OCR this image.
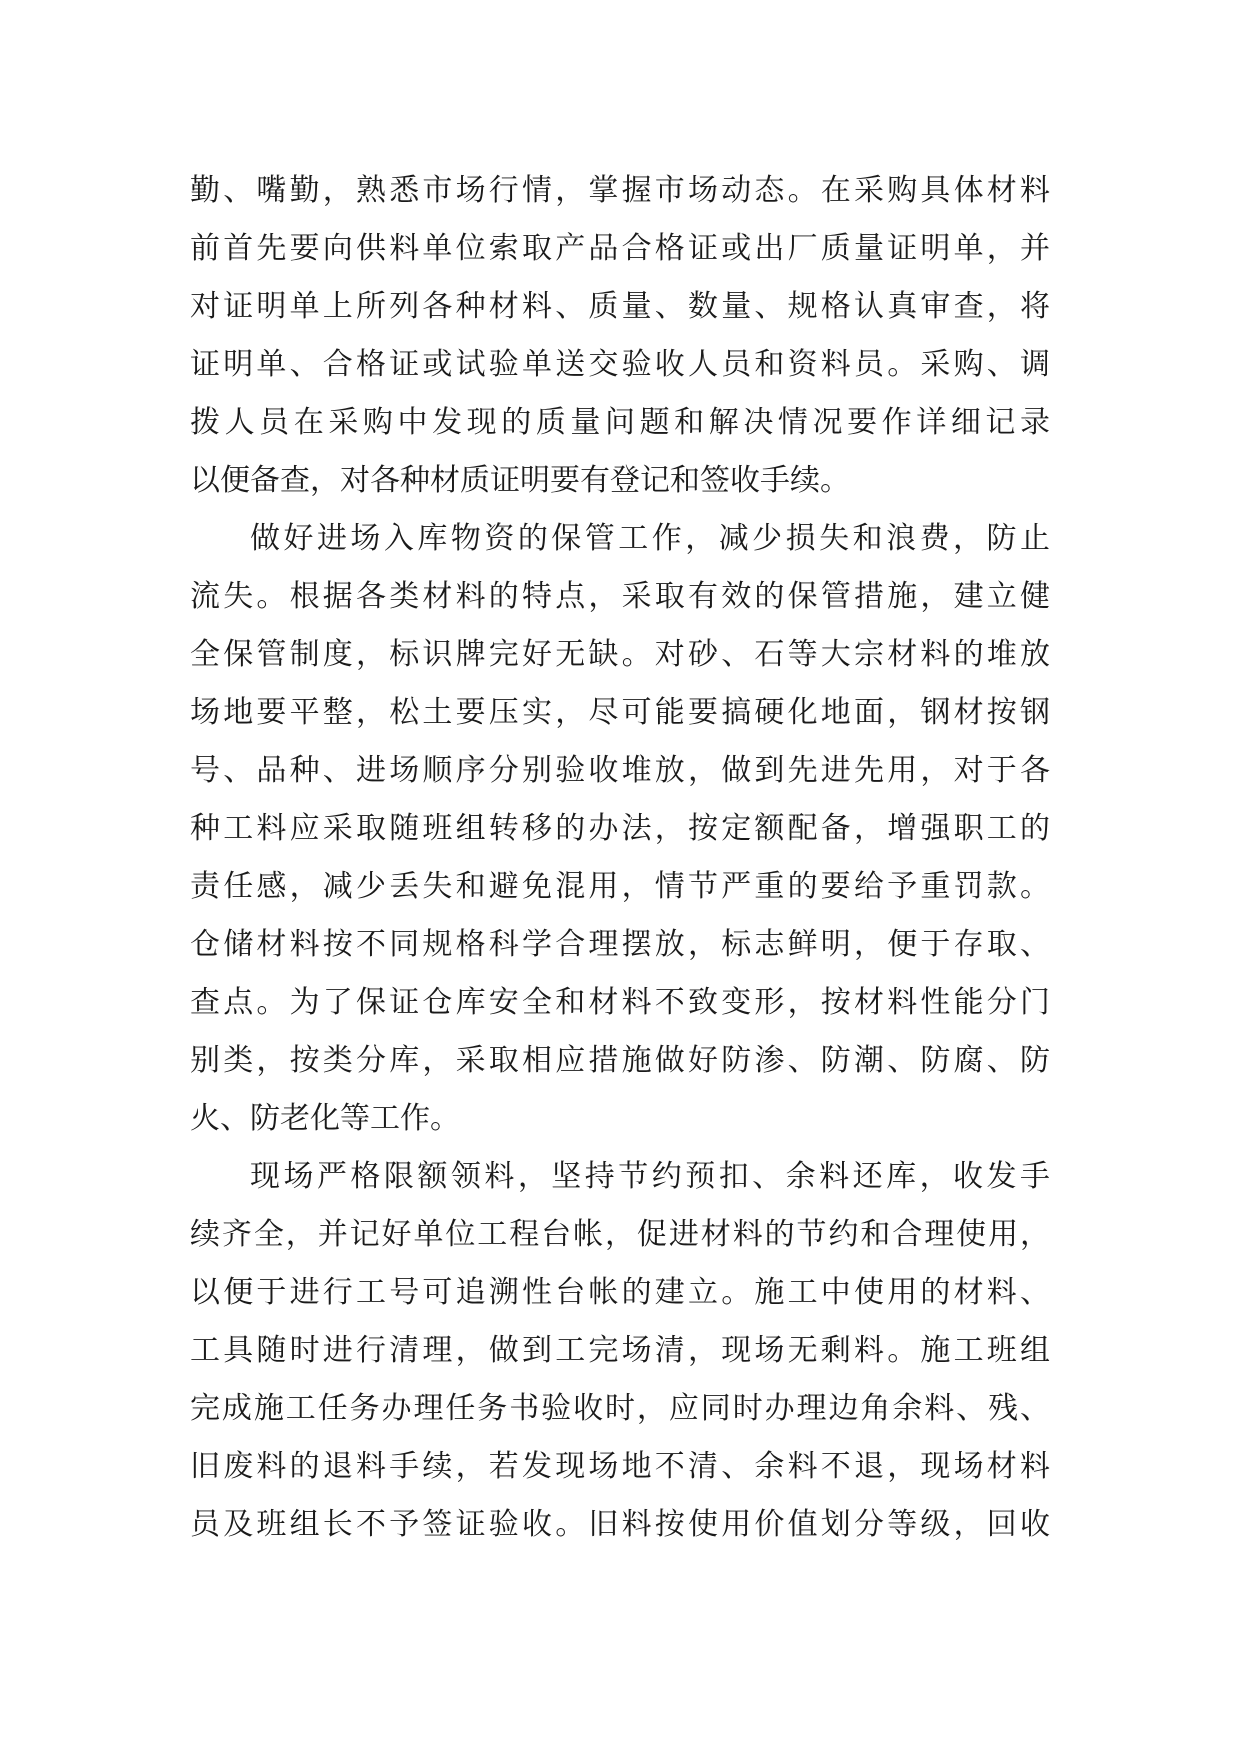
勤、嘴勤，熟悉市场行情，掌握市场动态。在采购具体材料
前首先要向供料单位索取产品合格证或出厂质量证明单，并
对证明单上所列各种材料、质量、数量、规格认真审查，将
证明单、合格证或试验单送交验收人员和资料员。采购、调
拨人员在采购中发现的质量问题和解决情况要作详细记录
以便备查，对各种材质证明要有登记和签收手续。
做好进场入库物资的保管工作，减少损失和浪费，防止
流失。根据各类材料的特点，采取有效的保管措施，建立健
全保管制度，标识牌完好无缺。对砂、石等大宗材料的堆放
场地要平整，松土要压实，尽可能要搞硬化地面，钢材按钢
号、品种、进场顺序分别验收堆放，做到先进先用，对于各
种工料应采取随班组转移的办法，按定额配备，增强职工的
责任感，减少丢失和避免混用，情节严重的要给予重罚款。
仓储材料按不同规格科学合理摆放，标志鲜明，便于存取、
查点。为了保证仓库安全和材料不致变形，按材料性能分门
别类，按类分库，采取相应措施做好防渗、防潮、防腐、防
火、防老化等工作。
现场严格限额领料，坚持节约预扣、余料还库，收发手
续齐全，并记好单位工程台帐，促进材料的节约和合理使用，
以便于进行工号可追溯性台帐的建立。施工中使用的材料、
工具随时进行清理，做到工完场清，现场无剩料。施工班组
完成施工任务办理任务书验收时，应同时办理边角余料、残、
旧废料的退料手续，若发现场地不清、余料不退，现场材料
员及班组长不予签证验收。旧料按使用价值划分等级，回收
